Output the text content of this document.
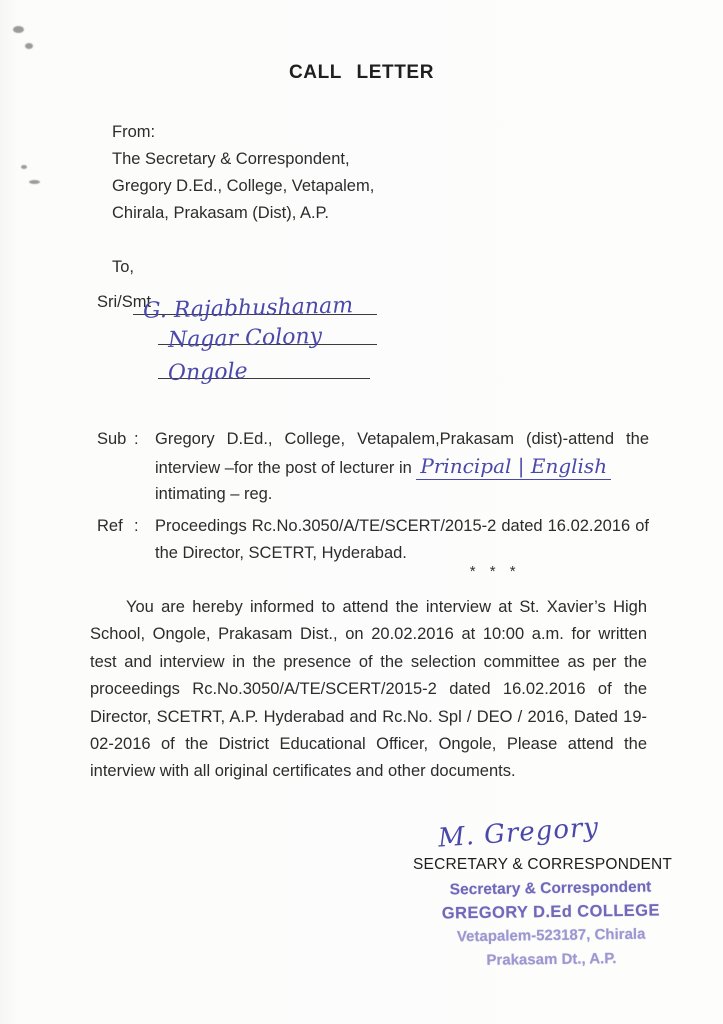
CALL LETTER
From:
The Secretary & Correspondent,
Gregory D.Ed., College, Vetapalem,
Chirala, Prakasam (Dist), A.P.
To,
Sri/Smt
G. Rajabhushanam
Nagar Colony
Ongole
Sub : Gregory D.Ed., College, Vetapalem,Prakasam (dist)-attend the interview –for the post of lecturer in Principal | English
intimating – reg.
Ref : Proceedings Rc.No.3050/A/TE/SCERT/2015-2 dated 16.02.2016 of the Director, SCETRT, Hyderabad.
* * *
You are hereby informed to attend the interview at St. Xavier’s High School, Ongole, Prakasam Dist., on 20.02.2016 at 10:00 a.m. for written test and interview in the presence of the selection committee as per the proceedings Rc.No.3050/A/TE/SCERT/2015-2 dated 16.02.2016 of the Director, SCETRT, A.P. Hyderabad and Rc.No. Spl / DEO / 2016, Dated 19-02-2016 of the District Educational Officer, Ongole, Please attend the interview with all original certificates and other documents.
M. Gregory
SECRETARY & CORRESPONDENT
Secretary & Correspondent
GREGORY D.Ed COLLEGE
Vetapalem-523187, Chirala
Prakasam Dt., A.P.
